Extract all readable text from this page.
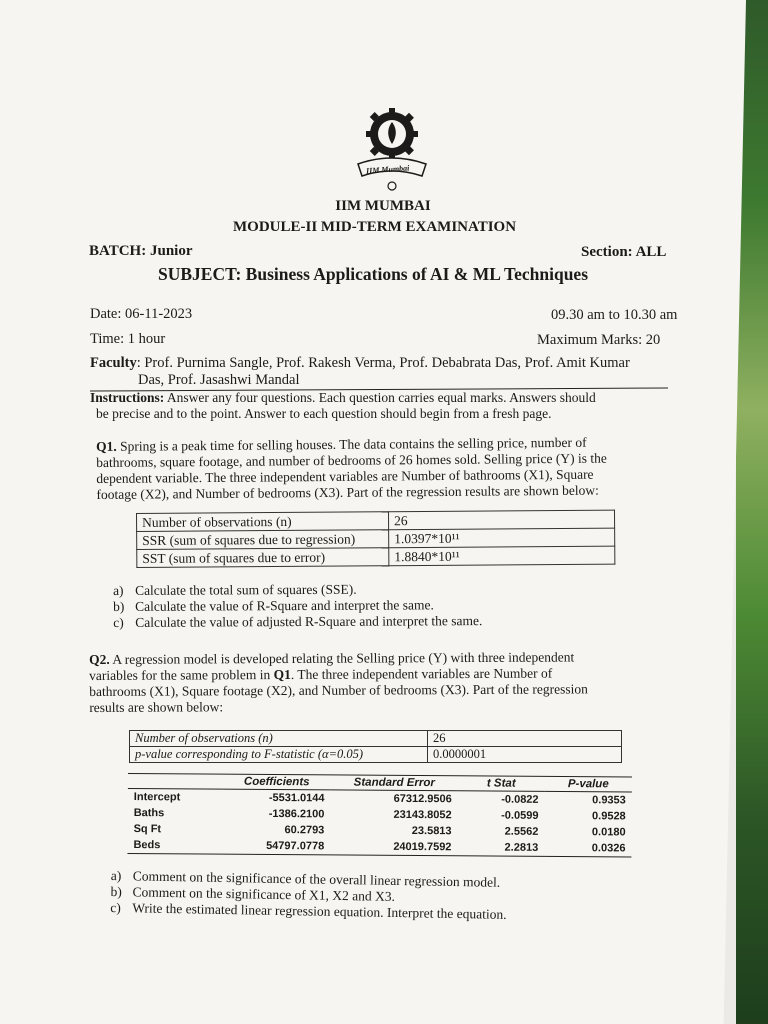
IIM Mumbai
IIM MUMBAI
MODULE-II MID-TERM EXAMINATION
BATCH: Junior	Section: ALL
SUBJECT: Business Applications of AI & ML Techniques
Date: 06-11-2023	09.30 am to 10.30 am
Time: 1 hour	Maximum Marks: 20
Faculty: Prof. Purnima Sangle, Prof. Rakesh Verma, Prof. Debabrata Das, Prof. Amit Kumar
Das, Prof. Jasashwi Mandal
Instructions: Answer any four questions. Each question carries equal marks. Answers should
be precise and to the point. Answer to each question should begin from a fresh page.
Q1. Spring is a peak time for selling houses. The data contains the selling price, number of
bathrooms, square footage, and number of bedrooms of 26 homes sold. Selling price (Y) is the
dependent variable. The three independent variables are Number of bathrooms (X1), Square
footage (X2), and Number of bedrooms (X3). Part of the regression results are shown below:
Number of observations (n)	26
SSR (sum of squares due to regression)	1.0397*10¹¹
SST (sum of squares due to error)	1.8840*10¹¹
a) Calculate the total sum of squares (SSE).
b) Calculate the value of R-Square and interpret the same.
c) Calculate the value of adjusted R-Square and interpret the same.
Q2. A regression model is developed relating the Selling price (Y) with three independent
variables for the same problem in Q1. The three independent variables are Number of
bathrooms (X1), Square footage (X2), and Number of bedrooms (X3). Part of the regression
results are shown below:
Number of observations (n)	26
p-value corresponding to F-statistic (α=0.05)	0.0000001
	Coefficients	Standard Error	t Stat	P-value
Intercept	-5531.0144	67312.9506	-0.0822	0.9353
Baths	-1386.2100	23143.8052	-0.0599	0.9528
Sq Ft	60.2793	23.5813	2.5562	0.0180
Beds	54797.0778	24019.7592	2.2813	0.0326
a) Comment on the significance of the overall linear regression model.
b) Comment on the significance of X1, X2 and X3.
c) Write the estimated linear regression equation. Interpret the equation.
